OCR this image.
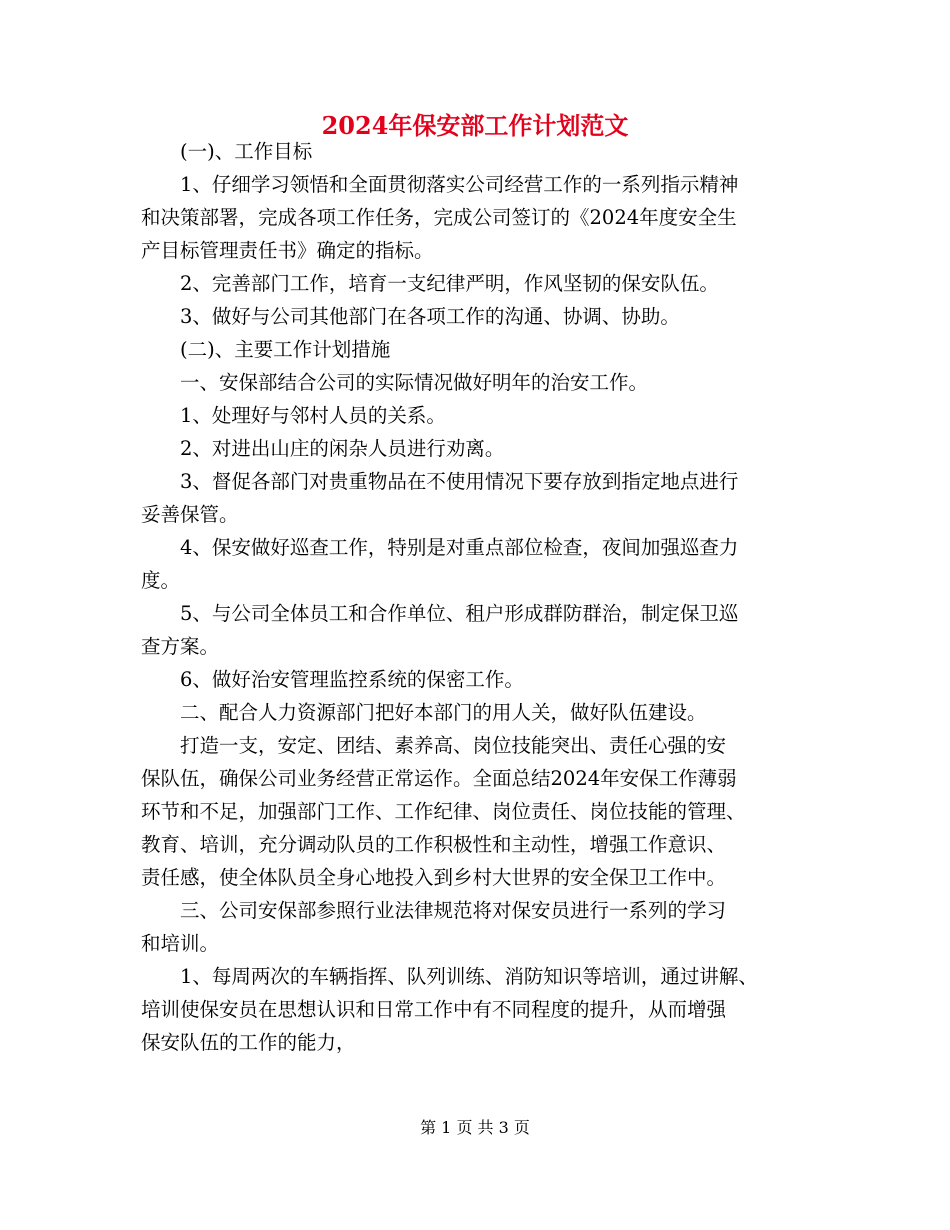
2024年保安部工作计划范文

(一)、工作目标

1、仔细学习领悟和全面贯彻落实公司经营工作的一系列指示精神

和决策部署，完成各项工作任务，完成公司签订的《2024年度安全生

产目标管理责任书》确定的指标。

2、完善部门工作，培育一支纪律严明，作风坚韧的保安队伍。

3、做好与公司其他部门在各项工作的沟通、协调、协助。

(二)、主要工作计划措施

一、安保部结合公司的实际情况做好明年的治安工作。

1、处理好与邻村人员的关系。

2、对进出山庄的闲杂人员进行劝离。

3、督促各部门对贵重物品在不使用情况下要存放到指定地点进行

妥善保管。

4、保安做好巡查工作，特别是对重点部位检查，夜间加强巡查力

度。

5、与公司全体员工和合作单位、租户形成群防群治，制定保卫巡

查方案。

6、做好治安管理监控系统的保密工作。

二、配合人力资源部门把好本部门的用人关，做好队伍建设。

打造一支，安定、团结、素养高、岗位技能突出、责任心强的安

保队伍，确保公司业务经营正常运作。全面总结2024年安保工作薄弱

环节和不足，加强部门工作、工作纪律、岗位责任、岗位技能的管理、

教育、培训，充分调动队员的工作积极性和主动性，增强工作意识、

责任感，使全体队员全身心地投入到乡村大世界的安全保卫工作中。

三、公司安保部参照行业法律规范将对保安员进行一系列的学习

和培训。

1、每周两次的车辆指挥、队列训练、消防知识等培训，通过讲解、

培训使保安员在思想认识和日常工作中有不同程度的提升，从而增强

保安队伍的工作的能力，

第 1 页 共 3 页
